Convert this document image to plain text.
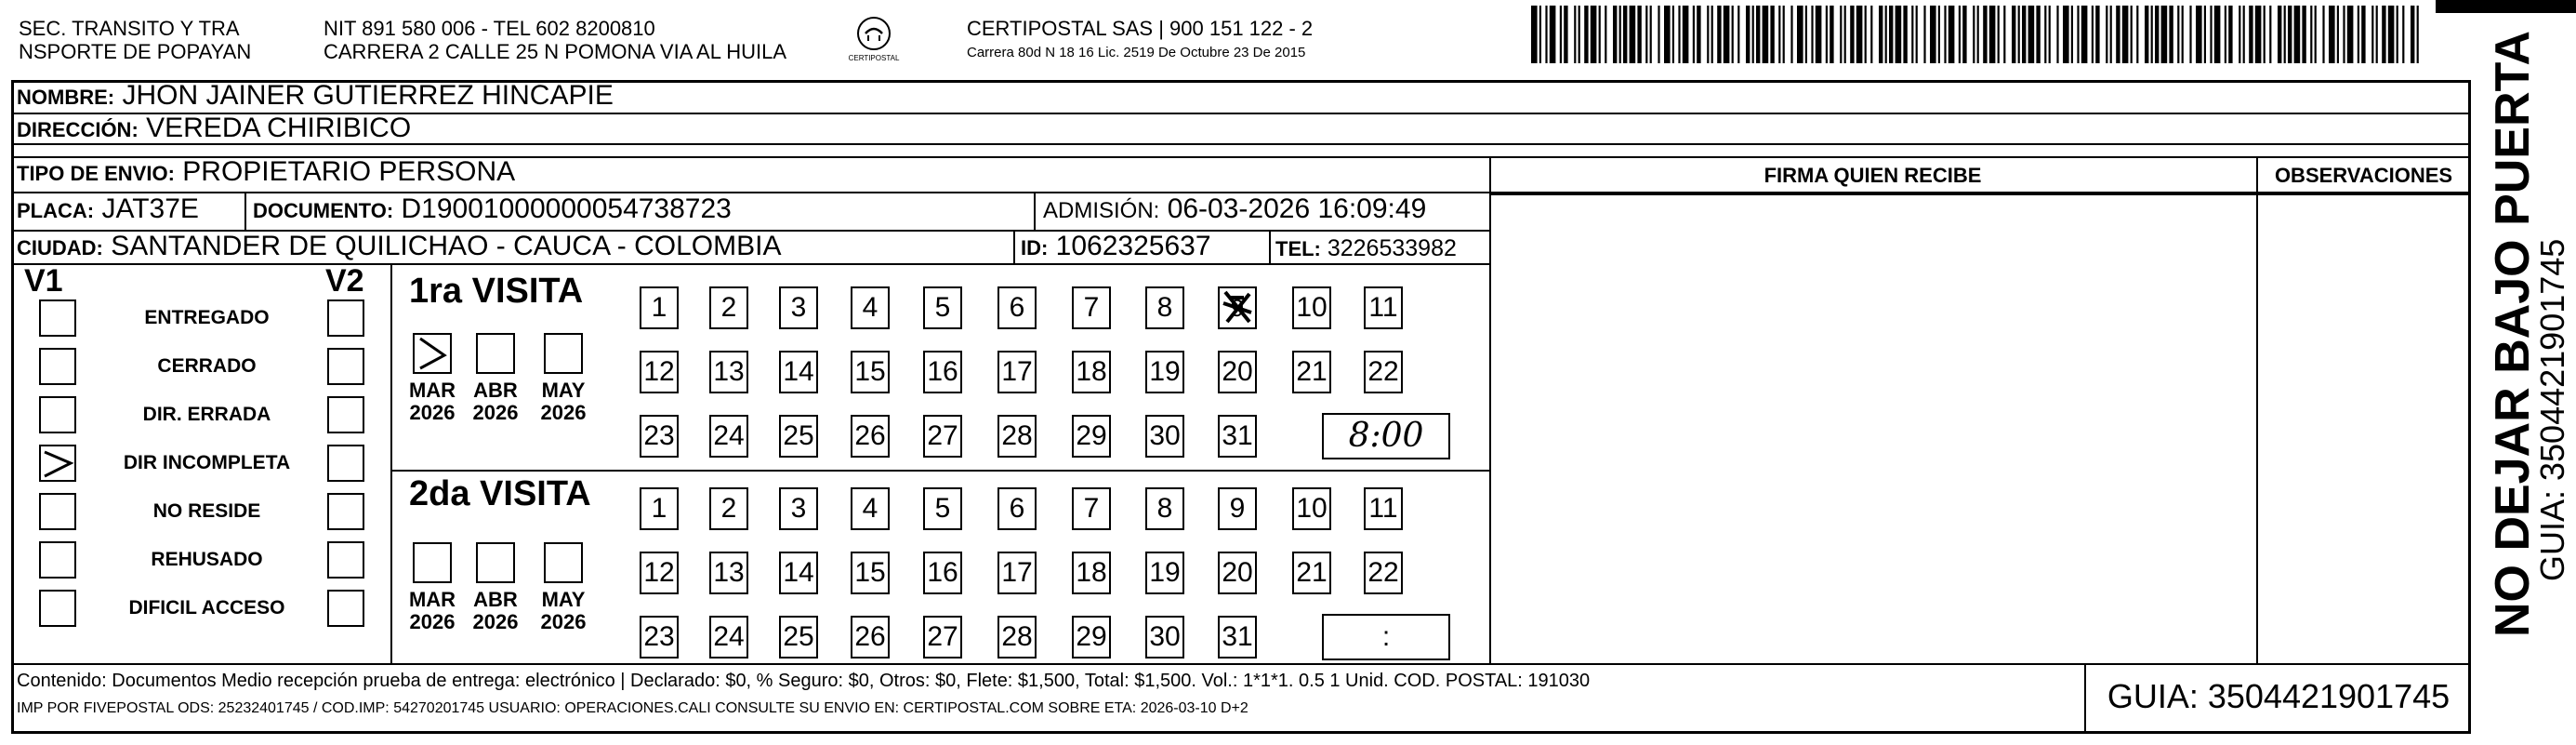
SEC. TRANSITO Y TRA
NSPORTE DE POPAYAN
NIT 891 580 006 - TEL 602 8200810
CARRERA 2 CALLE 25 N POMONA VIA AL HUILA	CERTIPOSTAL
CERTIPOSTAL SAS | 900 151 122 - 2
Carrera 80d N 18 16 Lic. 2519 De Octubre 23 De 2015
NOMBRE: JHON JAINER GUTIERREZ HINCAPIE
DIRECCIÓN: VEREDA CHIRIBICO
TIPO DE ENVIO: PROPIETARIO PERSONA
PLACA: JAT37E	DOCUMENTO: D19001000000054738723	ADMISIÓN: 06-03-2026 16:09:49
CIUDAD: SANTANDER DE QUILICHAO - CAUCA - COLOMBIA	ID: 1062325637	TEL: 3226533982
FIRMA QUIEN RECIBE	OBSERVACIONES
V1	V2
ENTREGADO
CERRADO
DIR. ERRADA
DIR INCOMPLETA
NO RESIDE
REHUSADO
DIFICIL ACCESO
1ra VISITA
MAR
2026
ABR
2026
MAY
2026
1	2	3	4	5	6	7	8	9 10 11
12 13 14 15 16 17 18 19 20 21 22
23 24 25 26 27 28 29 30 31	8:00
2da VISITA
MAR
2026
ABR
2026
MAY
2026
1	2	3	4	5	6	7	8	9	10 11
12 13 14 15 16 17 18 19 20 21 22
23 24 25 26 27 28 29 30 31	:
Contenido: Documentos Medio recepción prueba de entrega: electrónico | Declarado: $0, % Seguro: $0, Otros: $0, Flete: $1,500, Total: $1,500. Vol.: 1*1*1. 0.5 1 Unid. COD. POSTAL: 191030
IMP POR FIVEPOSTAL ODS: 25232401745 / COD.IMP: 54270201745 USUARIO: OPERACIONES.CALI CONSULTE SU ENVIO EN: CERTIPOSTAL.COM SOBRE ETA: 2026-03-10 D+2	GUIA: 3504421901745
NO DEJAR BAJO PUERTA
GUIA: 3504421901745
